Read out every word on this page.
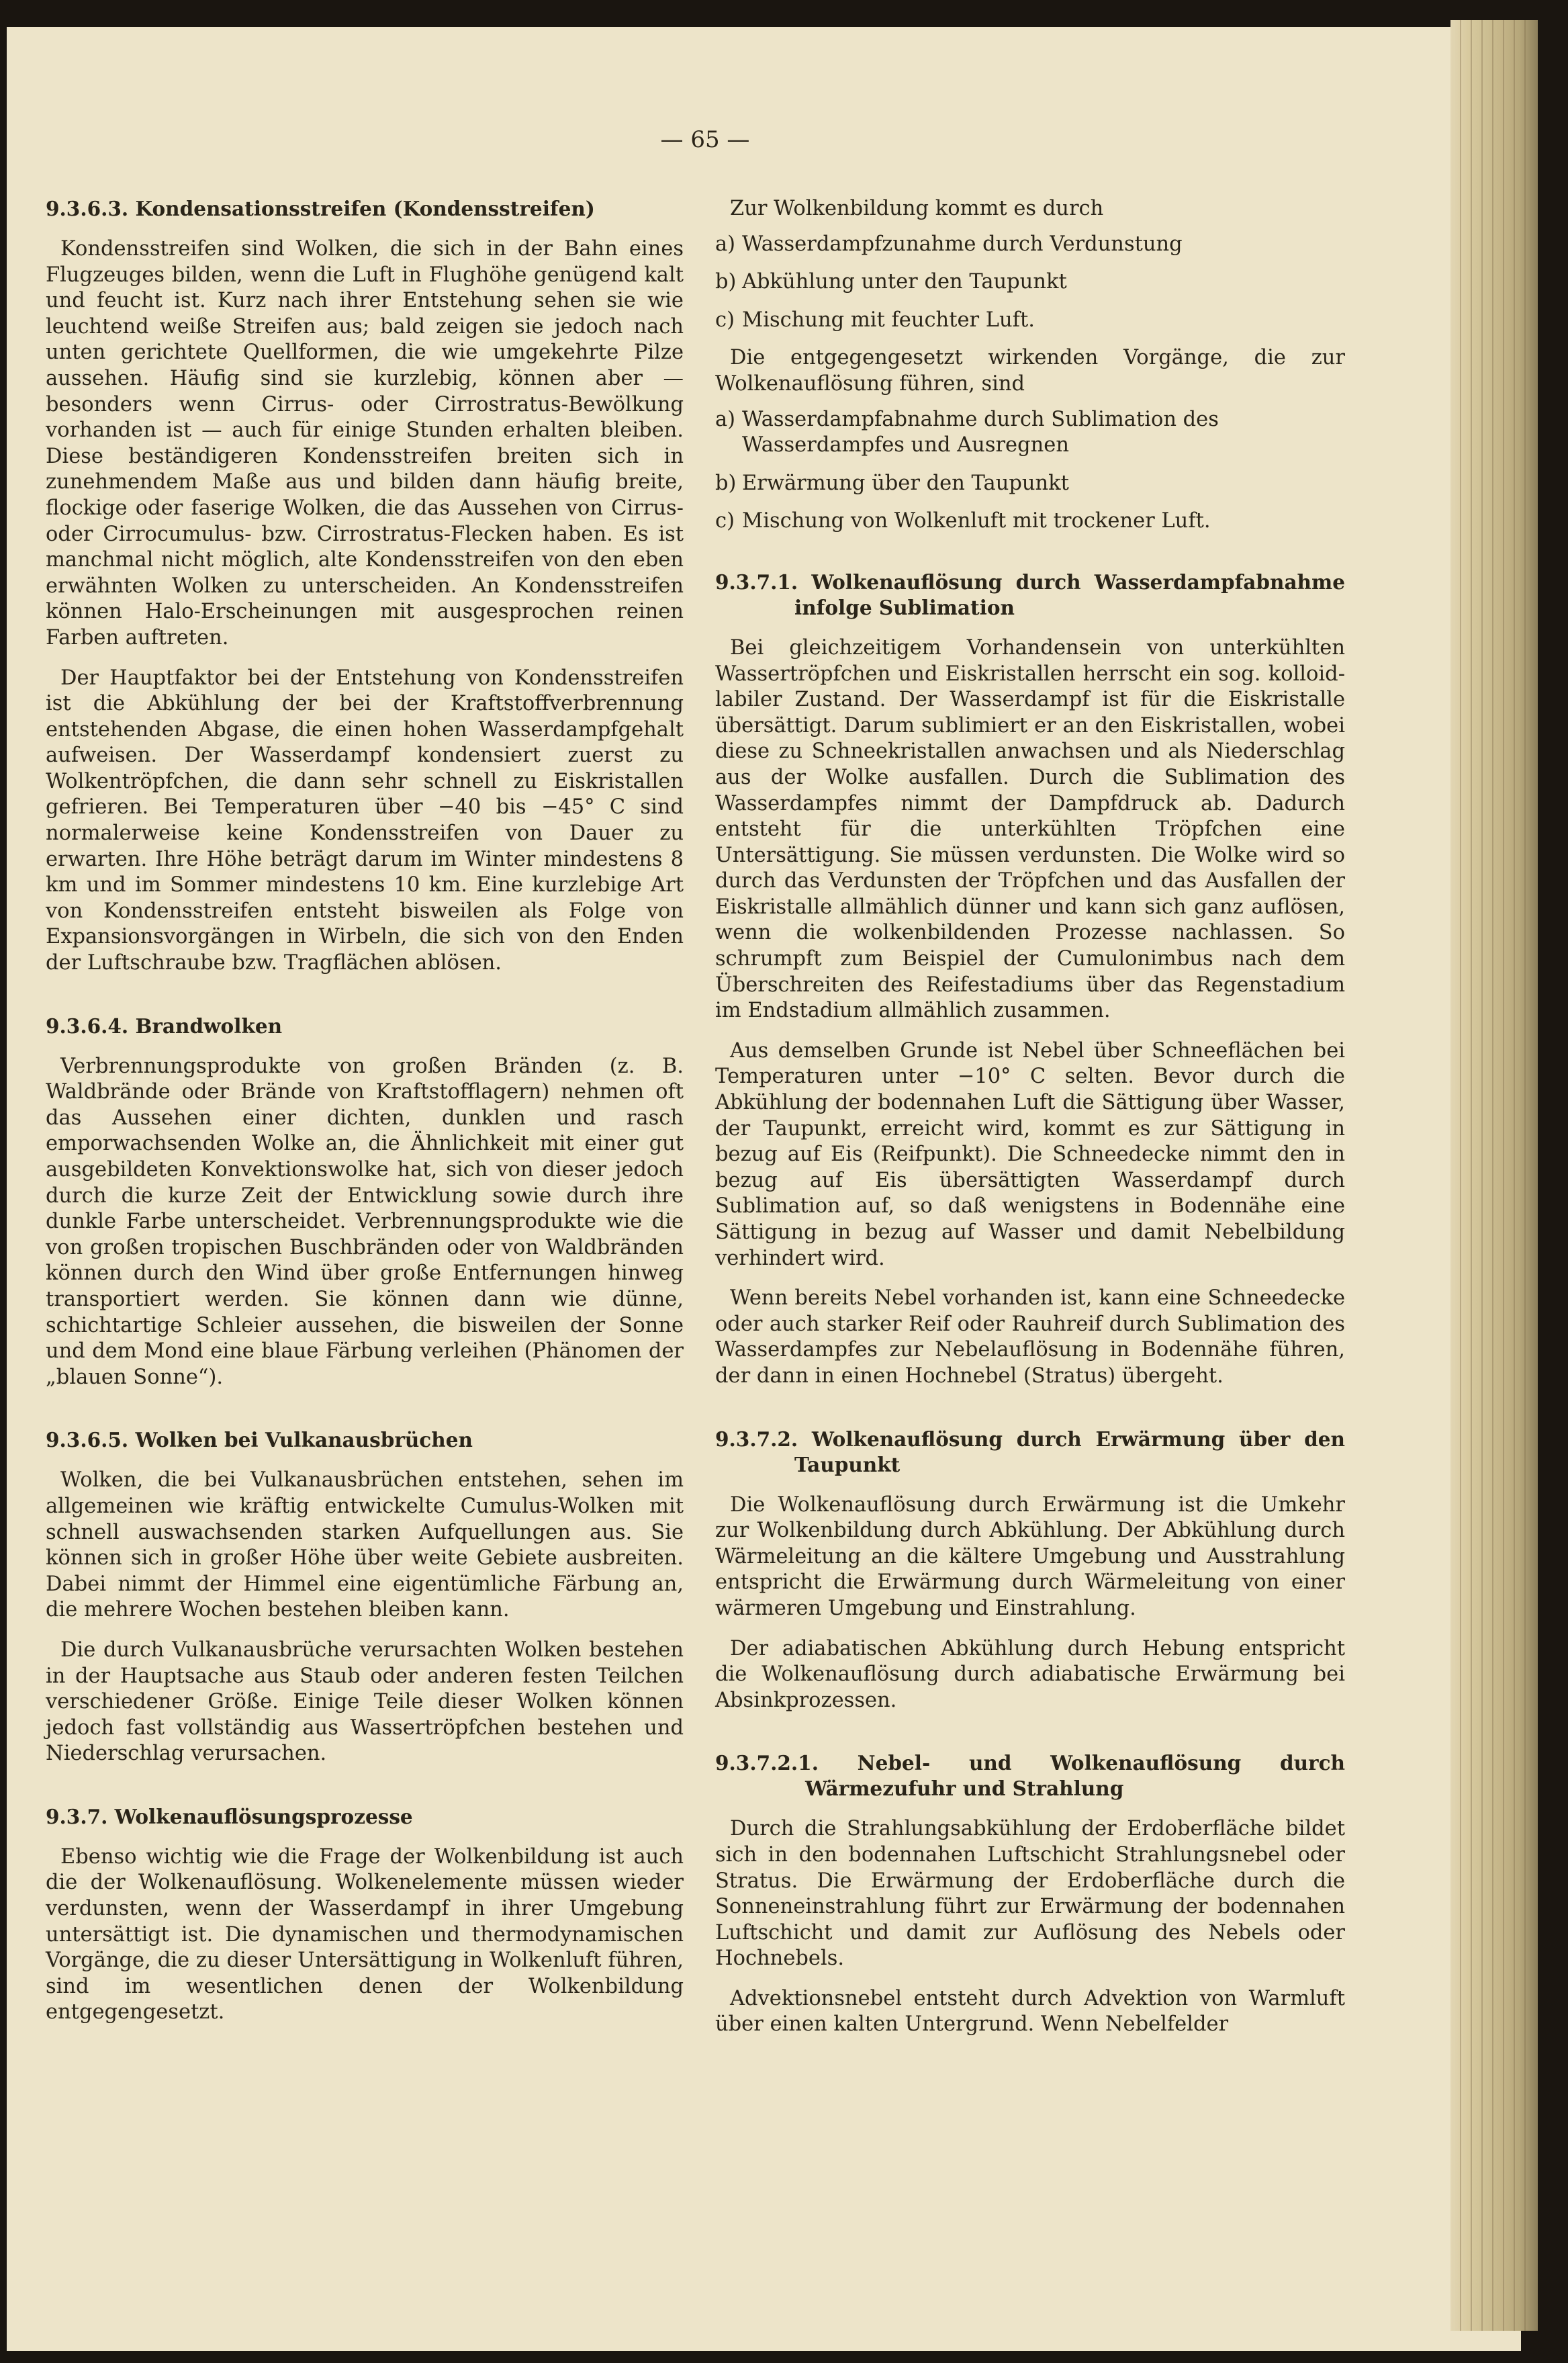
— 65 —
9.3.6.3. Kondensationsstreifen (Kondensstreifen)

Kondensstreifen sind Wolken, die sich in der Bahn eines Flugzeuges bilden, wenn die Luft in Flughöhe genügend kalt und feucht ist. Kurz nach ihrer Entstehung sehen sie wie leuchtend weiße Streifen aus; bald zeigen sie jedoch nach unten gerichtete Quellformen, die wie umgekehrte Pilze aussehen. Häufig sind sie kurzlebig, können aber — besonders wenn Cirrus- oder Cirrostratus-Bewölkung vorhanden ist — auch für einige Stunden erhalten bleiben. Diese beständigeren Kondensstreifen breiten sich in zunehmendem Maße aus und bilden dann häufig breite, flockige oder faserige Wolken, die das Aussehen von Cirrus- oder Cirrocumulus- bzw. Cirrostratus-Flecken haben. Es ist manchmal nicht möglich, alte Kondensstreifen von den eben erwähnten Wolken zu unterscheiden. An Kondensstreifen können Halo-Erscheinungen mit ausgesprochen reinen Farben auftreten.

Der Hauptfaktor bei der Entstehung von Kondensstreifen ist die Abkühlung der bei der Kraftstoffverbrennung entstehenden Abgase, die einen hohen Wasserdampfgehalt aufweisen. Der Wasserdampf kondensiert zuerst zu Wolkentröpfchen, die dann sehr schnell zu Eiskristallen gefrieren. Bei Temperaturen über −40 bis −45° C sind normalerweise keine Kondensstreifen von Dauer zu erwarten. Ihre Höhe beträgt darum im Winter mindestens 8 km und im Sommer mindestens 10 km. Eine kurzlebige Art von Kondensstreifen entsteht bisweilen als Folge von Expansionsvorgängen in Wirbeln, die sich von den Enden der Luftschraube bzw. Tragflächen ablösen.

9.3.6.4. Brandwolken

Verbrennungsprodukte von großen Bränden (z. B. Waldbrände oder Brände von Kraftstofflagern) nehmen oft das Aussehen einer dichten, dunklen und rasch emporwachsenden Wolke an, die Ähnlichkeit mit einer gut ausgebildeten Konvektionswolke hat, sich von dieser jedoch durch die kurze Zeit der Entwicklung sowie durch ihre dunkle Farbe unterscheidet. Verbrennungsprodukte wie die von großen tropischen Buschbränden oder von Waldbränden können durch den Wind über große Entfernungen hinweg transportiert werden. Sie können dann wie dünne, schichtartige Schleier aussehen, die bisweilen der Sonne und dem Mond eine blaue Färbung verleihen (Phänomen der „blauen Sonne“).

9.3.6.5. Wolken bei Vulkanausbrüchen

Wolken, die bei Vulkanausbrüchen entstehen, sehen im allgemeinen wie kräftig entwickelte Cumulus-Wolken mit schnell auswachsenden starken Aufquellungen aus. Sie können sich in großer Höhe über weite Gebiete ausbreiten. Dabei nimmt der Himmel eine eigentümliche Färbung an, die mehrere Wochen bestehen bleiben kann.

Die durch Vulkanausbrüche verursachten Wolken bestehen in der Hauptsache aus Staub oder anderen festen Teilchen verschiedener Größe. Einige Teile dieser Wolken können jedoch fast vollständig aus Wassertröpfchen bestehen und Niederschlag verursachen.

9.3.7. Wolkenauflösungsprozesse

Ebenso wichtig wie die Frage der Wolkenbildung ist auch die der Wolkenauflösung. Wolkenelemente müssen wieder verdunsten, wenn der Wasserdampf in ihrer Umgebung untersättigt ist. Die dynamischen und thermodynamischen Vorgänge, die zu dieser Untersättigung in Wolkenluft führen, sind im wesentlichen denen der Wolkenbildung entgegengesetzt.

Zur Wolkenbildung kommt es durch

a) Wasserdampfzunahme durch Verdunstung
b) Abkühlung unter den Taupunkt
c) Mischung mit feuchter Luft.

Die entgegengesetzt wirkenden Vorgänge, die zur Wolkenauflösung führen, sind

a) Wasserdampfabnahme durch Sublimation des Wasserdampfes und Ausregnen
b) Erwärmung über den Taupunkt
c) Mischung von Wolkenluft mit trockener Luft.
9.3.7.1. Wolkenauflösung durch Wasserdampfabnahme infolge Sublimation

Bei gleichzeitigem Vorhandensein von unterkühlten Wassertröpfchen und Eiskristallen herrscht ein sog. kolloid-labiler Zustand. Der Wasserdampf ist für die Eiskristalle übersättigt. Darum sublimiert er an den Eiskristallen, wobei diese zu Schneekristallen anwachsen und als Niederschlag aus der Wolke ausfallen. Durch die Sublimation des Wasserdampfes nimmt der Dampfdruck ab. Dadurch entsteht für die unterkühlten Tröpfchen eine Untersättigung. Sie müssen verdunsten. Die Wolke wird so durch das Verdunsten der Tröpfchen und das Ausfallen der Eiskristalle allmählich dünner und kann sich ganz auflösen, wenn die wolkenbildenden Prozesse nachlassen. So schrumpft zum Beispiel der Cumulonimbus nach dem Überschreiten des Reifestadiums über das Regenstadium im Endstadium allmählich zusammen.

Aus demselben Grunde ist Nebel über Schneeflächen bei Temperaturen unter −10° C selten. Bevor durch die Abkühlung der bodennahen Luft die Sättigung über Wasser, der Taupunkt, erreicht wird, kommt es zur Sättigung in bezug auf Eis (Reifpunkt). Die Schneedecke nimmt den in bezug auf Eis übersättigten Wasserdampf durch Sublimation auf, so daß wenigstens in Bodennähe eine Sättigung in bezug auf Wasser und damit Nebelbildung verhindert wird.

Wenn bereits Nebel vorhanden ist, kann eine Schneedecke oder auch starker Reif oder Rauhreif durch Sublimation des Wasserdampfes zur Nebelauflösung in Bodennähe führen, der dann in einen Hochnebel (Stratus) übergeht.

9.3.7.2. Wolkenauflösung durch Erwärmung über den Taupunkt

Die Wolkenauflösung durch Erwärmung ist die Umkehr zur Wolkenbildung durch Abkühlung. Der Abkühlung durch Wärmeleitung an die kältere Umgebung und Ausstrahlung entspricht die Erwärmung durch Wärmeleitung von einer wärmeren Umgebung und Einstrahlung.

Der adiabatischen Abkühlung durch Hebung entspricht die Wolkenauflösung durch adiabatische Erwärmung bei Absinkprozessen.

9.3.7.2.1. Nebel- und Wolkenauflösung durch Wärmezufuhr und Strahlung

Durch die Strahlungsabkühlung der Erdoberfläche bildet sich in den bodennahen Luftschicht Strahlungsnebel oder Stratus. Die Erwärmung der Erdoberfläche durch die Sonneneinstrahlung führt zur Erwärmung der bodennahen Luftschicht und damit zur Auflösung des Nebels oder Hochnebels.

Advektionsnebel entsteht durch Advektion von Warmluft über einen kalten Untergrund. Wenn Nebelfelder
